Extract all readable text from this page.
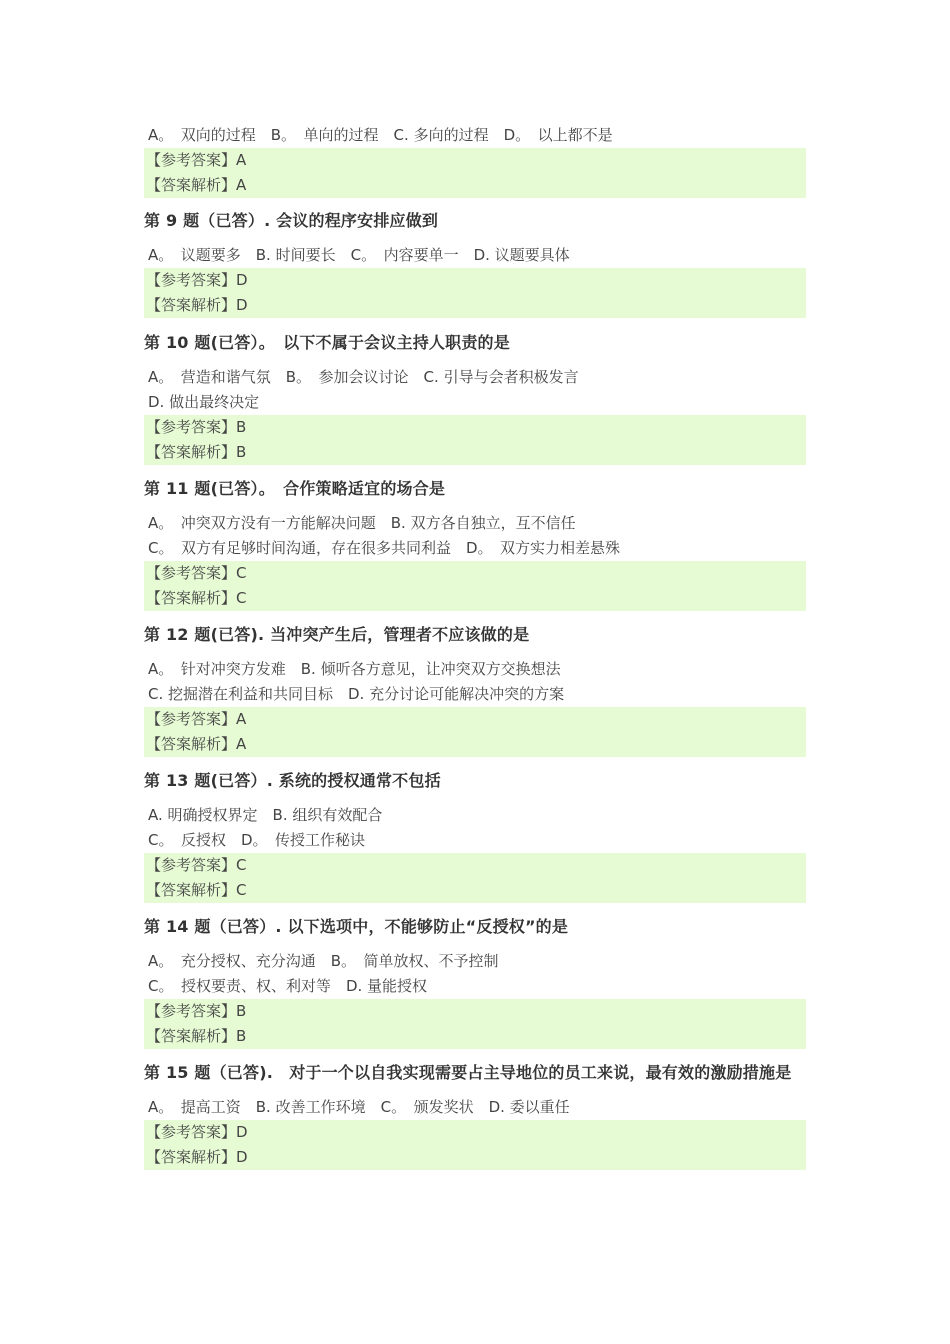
A。　双向的过程　B。　单向的过程　C. 多向的过程　D。　以上都不是
【参考答案】A
【答案解析】A
第 9 题（已答）. 会议的程序安排应做到
A。　议题要多　B. 时间要长　C。　内容要单一　D. 议题要具体
【参考答案】D
【答案解析】D
第 10 题(已答）。　以下不属于会议主持人职责的是
A。　营造和谐气氛　B。　参加会议讨论　C. 引导与会者积极发言
D. 做出最终决定
【参考答案】B
【答案解析】B
第 11 题(已答）。　合作策略适宜的场合是
A。　冲突双方没有一方能解决问题　B. 双方各自独立，互不信任
C。　双方有足够时间沟通，存在很多共同利益　D。　双方实力相差悬殊
【参考答案】C
【答案解析】C
第 12 题(已答). 当冲突产生后，管理者不应该做的是
A。　针对冲突方发难　B. 倾听各方意见，让冲突双方交换想法
C. 挖掘潜在利益和共同目标　D. 充分讨论可能解决冲突的方案
【参考答案】A
【答案解析】A
第 13 题(已答）. 系统的授权通常不包括
A. 明确授权界定　B. 组织有效配合
C。　反授权　D。　传授工作秘诀
【参考答案】C
【答案解析】C
第 14 题（已答）. 以下选项中，不能够防止“反授权”的是
A。　充分授权、充分沟通　B。　简单放权、不予控制
C。　授权要责、权、利对等　D. 量能授权
【参考答案】B
【答案解析】B
第 15 题（已答).　对于一个以自我实现需要占主导地位的员工来说，最有效的激励措施是
A。　提高工资　B. 改善工作环境　C。　颁发奖状　D. 委以重任
【参考答案】D
【答案解析】D
